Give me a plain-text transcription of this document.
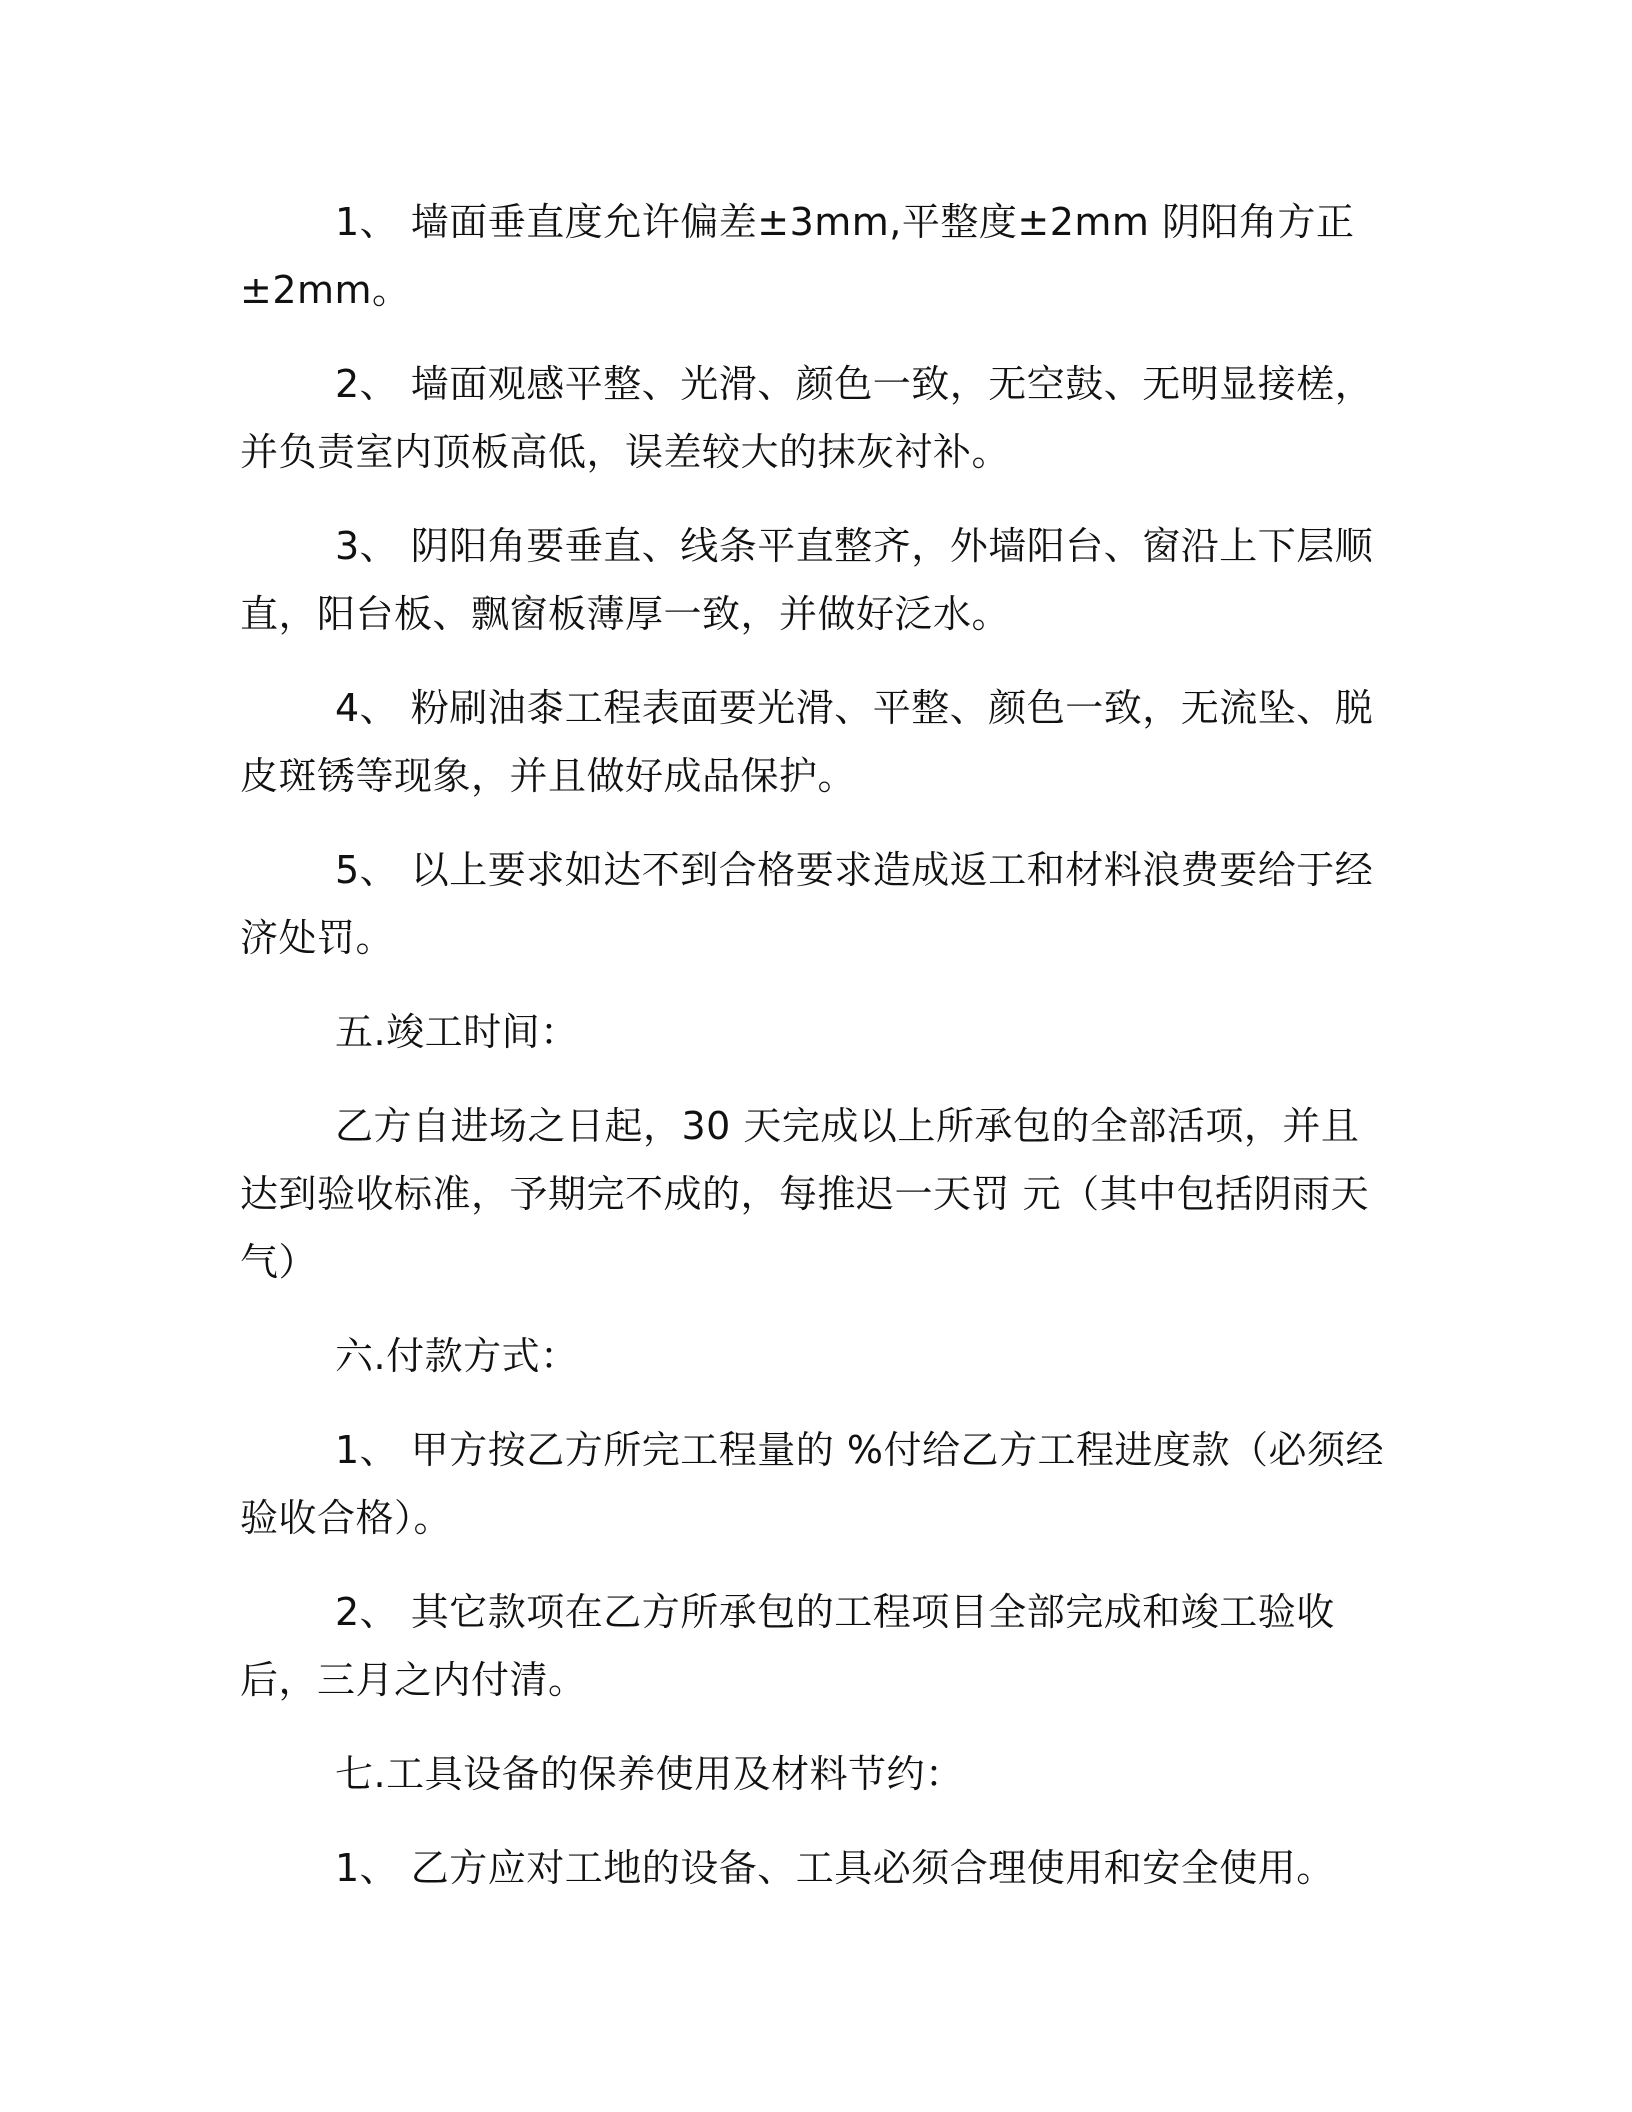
1、 墙面垂直度允许偏差±3mm,平整度±2mm 阴阳角方正±2mm。

2、 墙面观感平整、光滑、颜色一致，无空鼓、无明显接槎，并负责室内顶板高低，误差较大的抹灰衬补。

3、 阴阳角要垂直、线条平直整齐，外墙阳台、窗沿上下层顺直，阳台板、飘窗板薄厚一致，并做好泛水。

4、 粉刷油桼工程表面要光滑、平整、颜色一致，无流坠、脱皮斑锈等现象，并且做好成品保护。

5、 以上要求如达不到合格要求造成返工和材料浪费要给于经济处罚。

五.竣工时间：

乙方自进场之日起，30 天完成以上所承包的全部活项，并且达到验收标准，予期完不成的，每推迟一天罚 元（其中包括阴雨天气）

六.付款方式：

1、 甲方按乙方所完工程量的 %付给乙方工程进度款（必须经验收合格）。

2、 其它款项在乙方所承包的工程项目全部完成和竣工验收后，三月之内付清。

七.工具设备的保养使用及材料节约：

1、 乙方应对工地的设备、工具必须合理使用和安全使用。
